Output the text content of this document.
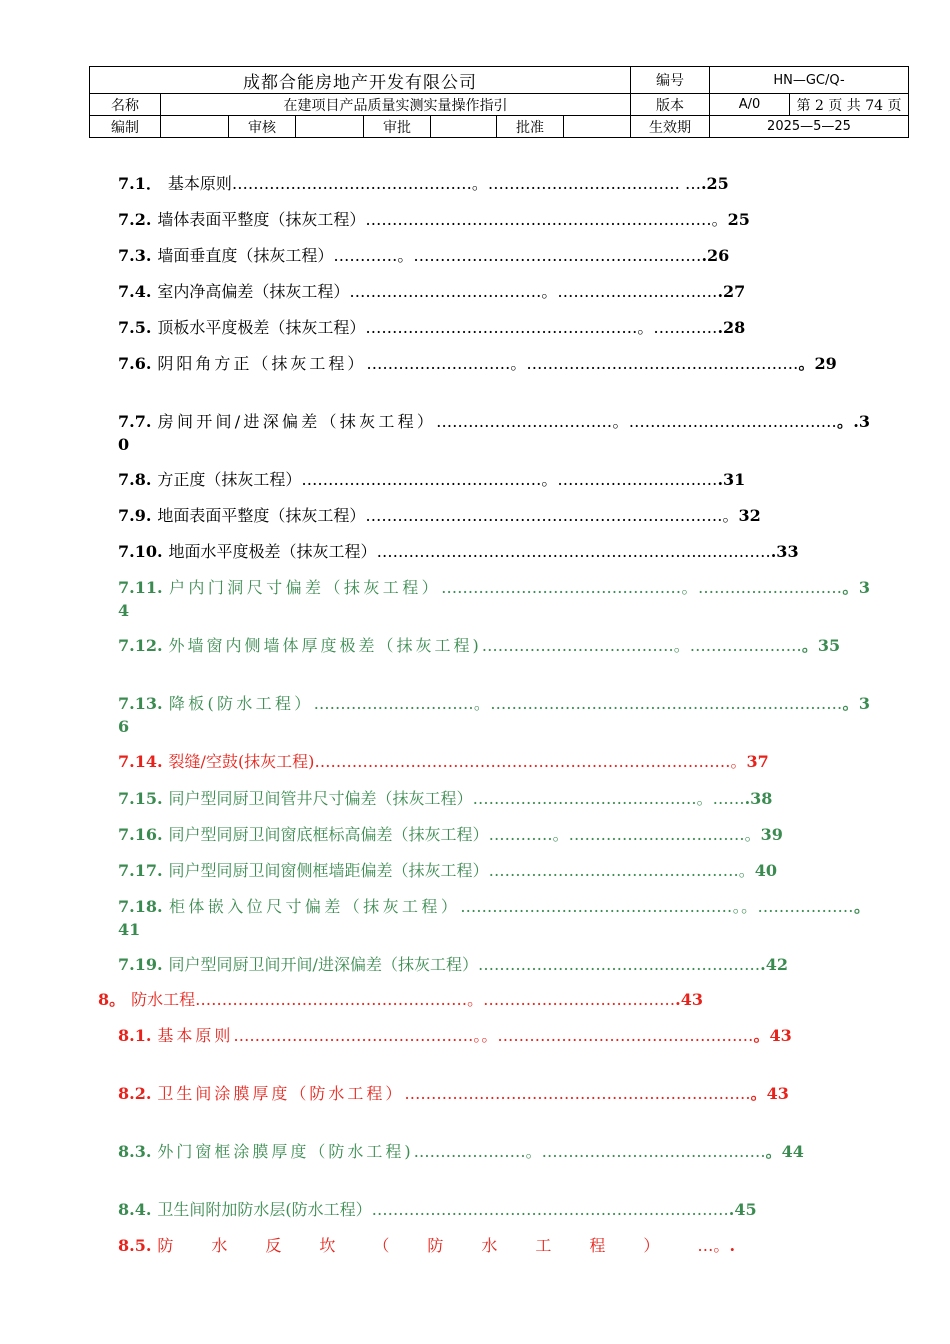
成都合能房地产开发有限公司								编号	HN—GC/Q-	
名称	在建项目产品质量实测实量操作指引							版本	A/0	第 2 页 共 74 页
编制		审核		审批		批准		生效期	2025—5—25	
7.1． 基本原则………………………………………。……………………………… ….25
7.2. 墙体表面平整度（抹灰工程）……………………………..…………………………。25
7.3. 墙面垂直度（抹灰工程）…………。……………………………………………….26
7.4. 室内净高偏差（抹灰工程）………………………………。………………………….27
7.5. 顶板水平度极差（抹灰工程）……………………………………………。………….28
7.6. 阴阳角方正（抹灰工程）………………………。……………………………………………。29
7.7. 房间开间/进深偏差（抹灰工程）……………………………。…………………………………。.30
7.8. 方正度（抹灰工程）………………………………………。………………………….31
7.9. 地面表面平整度（抹灰工程）………………………………………………….………。32
7.10. 地面水平度极差（抹灰工程）……………………………………………………..………….33
7.11. 户内门洞尺寸偏差（抹灰工程）………………………………………。………………………。34
7.12. 外墙窗内侧墙体厚度极差（抹灰工程)………………………………。…………………。35
7.13. 降板(防水工程）…………………………。…………………………………………………………。36
7.14. 裂缝/空鼓(抹灰工程)……………………………………………………………………。37
7.15. 同户型同厨卫间管井尺寸偏差（抹灰工程）……………………………………。…….38
7.16. 同户型同厨卫间窗底框标高偏差（抹灰工程）…………。……………………………。39
7.17. 同户型同厨卫间窗侧框墙距偏差（抹灰工程）…………………..……………………。40
7.18. 柜体嵌入位尺寸偏差（抹灰工程）……………………………………………。。………………。41
7.19. 同户型同厨卫间开间/进深偏差（抹灰工程）……………………………..……………….42
8。 防水工程……………………………………………。……………………………….43
8.1. 基本原则………………………………………。。…………………………………………。43
8.2. 卫生间涂膜厚度（防水工程）…………………..……………………………………。43
8.3. 外门窗框涂膜厚度（防水工程)…………………。……………………………………。44
8.4. 卫生间附加防水层(防水工程）……………….………………………………………….45
8.5. 防水反坎（防水工程）…。.
